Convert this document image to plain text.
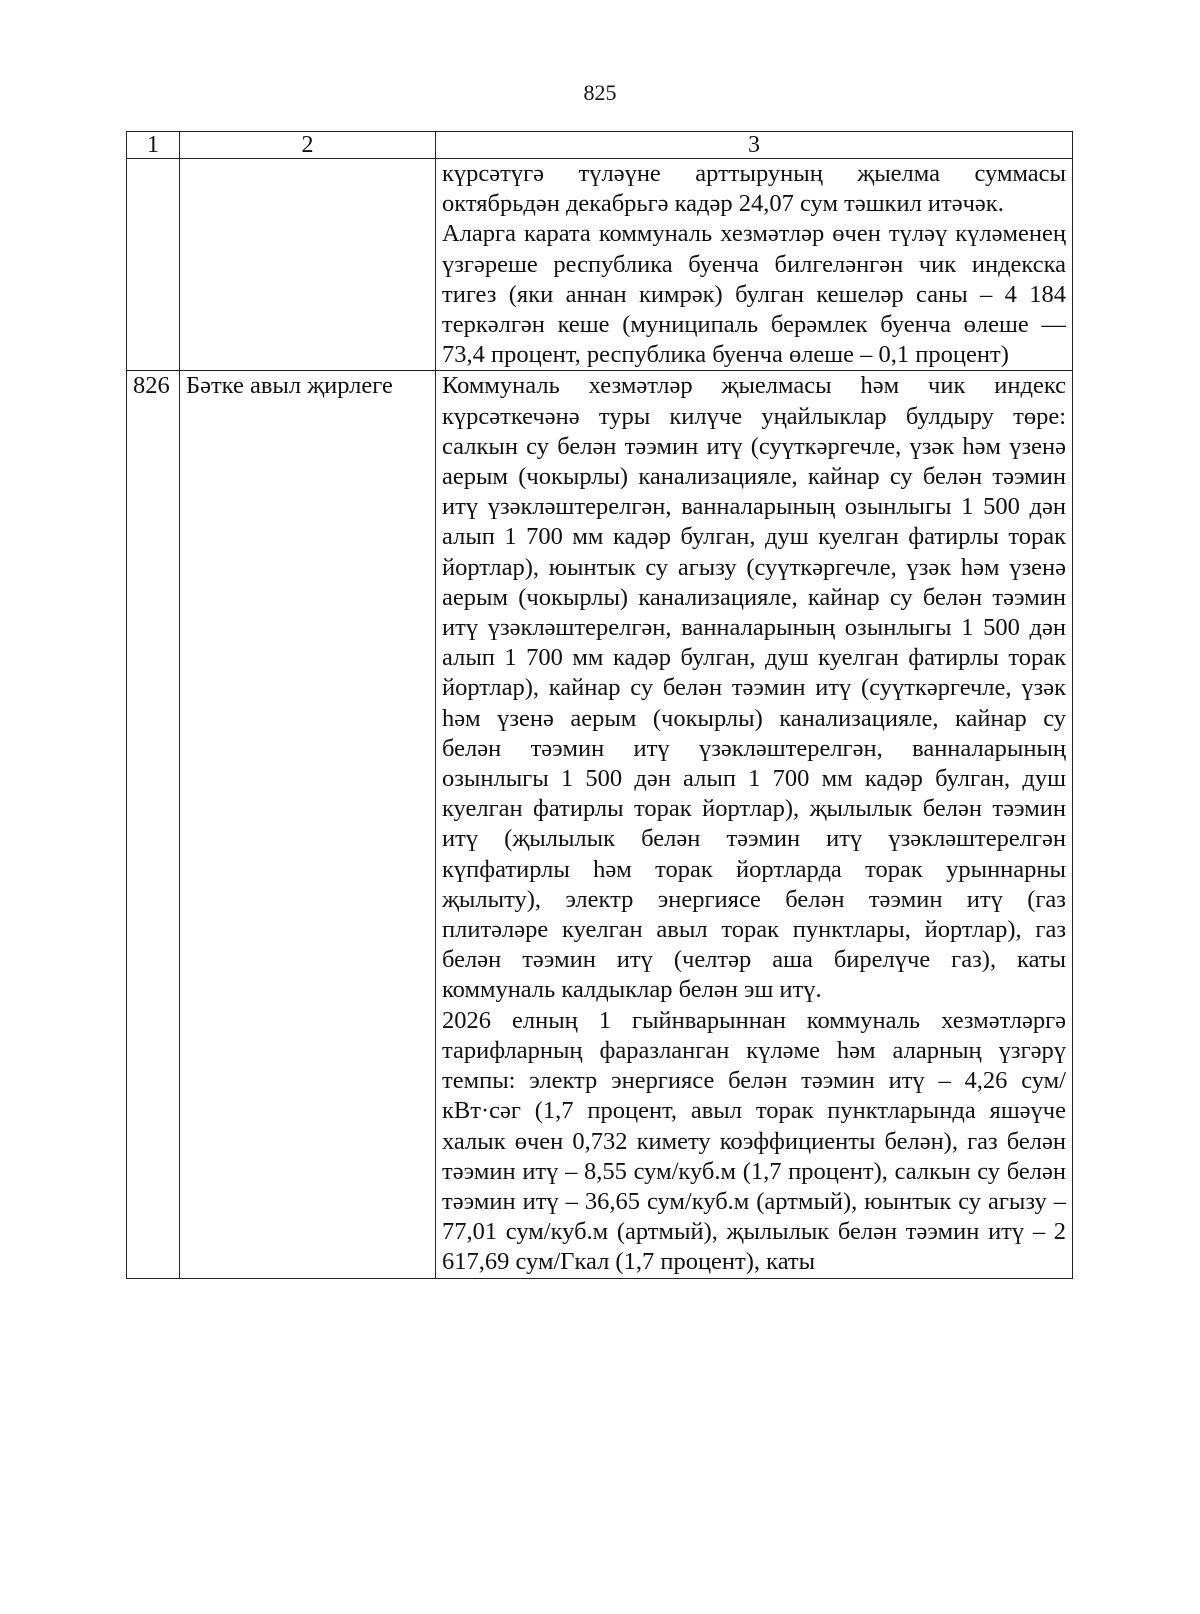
825
1	2	3

		күрсәтүгә түләүне арттыруның җыелма суммасы октябрьдән декабрьгә кадәр 24,07 сум тәшкил итәчәк.
Аларга карата коммуналь хезмәтләр өчен түләү күләменең үзгәреше республика буенча билгеләнгән чик индекска тигез (яки аннан кимрәк) булган кешеләр саны – 4 184 теркәлгән кеше (муниципаль берәмлек буенча өлеше — 73,4 процент, республика буенча өлеше – 0,1 процент)

826	Бәтке авыл җирлеге	Коммуналь хезмәтләр җыелмасы һәм чик индекс күрсәткечәнә туры килүче уңайлыклар булдыру төре: салкын су белән тәэмин итү (суүткәргечле, үзәк һәм үзенә аерым (чокырлы) канализацияле, кайнар су белән тәэмин итү үзәкләштерелгән, ванналарының озынлыгы 1 500 дән алып 1 700 мм кадәр булган, душ куелган фатирлы торак йортлар), юынтык су агызу (суүткәргечле, үзәк һәм үзенә аерым (чокырлы) канализацияле, кайнар су белән тәэмин итү үзәкләштерелгән, ванналарының озынлыгы 1 500 дән алып 1 700 мм кадәр булган, душ куелган фатирлы торак йортлар), кайнар су белән тәэмин итү (суүткәргечле, үзәк һәм үзенә аерым (чокырлы) канализацияле, кайнар су белән тәэмин итү үзәкләштерелгән, ванналарының озынлыгы 1 500 дән алып 1 700 мм кадәр булган, душ куелган фатирлы торак йортлар), җылылык белән тәэмин итү (җылылык белән тәэмин итү үзәкләштерелгән күпфатирлы һәм торак йортларда торак урыннарны җылыту), электр энергиясе белән тәэмин итү (газ плитәләре куелган авыл торак пунктлары, йортлар), газ белән тәэмин итү (челтәр аша бирелүче газ), каты коммуналь калдыклар белән эш итү.
2026 елның 1 гыйнварыннан коммуналь хезмәтләргә тарифларның фаразланган күләме һәм аларның үзгәрү темпы: электр энергиясе белән тәэмин итү – 4,26 сум/кВт·сәг (1,7 процент, авыл торак пунктларында яшәүче халык өчен 0,732 кимету коэффициенты белән), газ белән тәэмин итү – 8,55 сум/куб.м (1,7 процент), салкын су белән тәэмин итү – 36,65 сум/куб.м (артмый), юынтык су агызу – 77,01 сум/куб.м (артмый), җылылык белән тәэмин итү – 2 617,69 сум/Гкал (1,7 процент), каты
